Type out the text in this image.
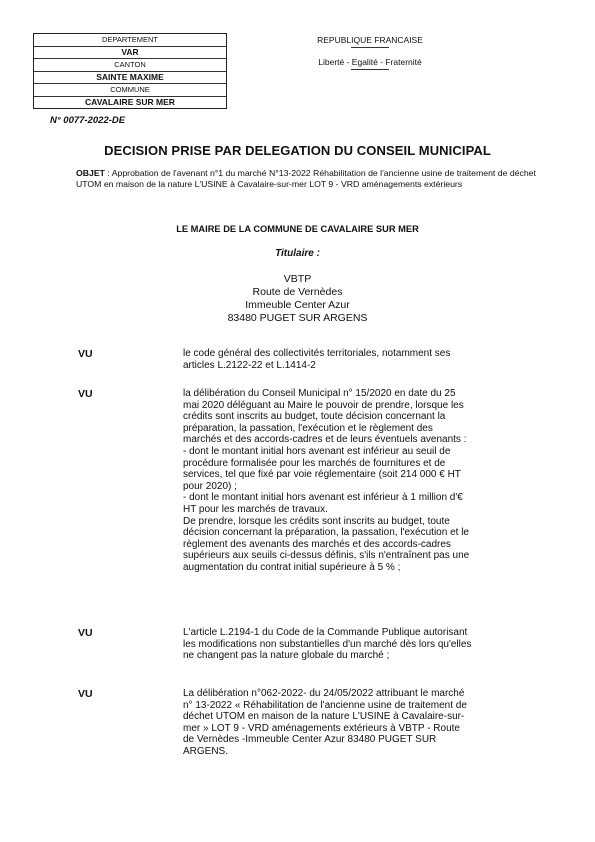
DEPARTEMENT
VAR
CANTON
SAINTE MAXIME
COMMUNE
CAVALAIRE SUR MER
REPUBLIQUE FRANCAISE
Liberté - Egalité - Fraternité
N° 0077-2022-DE
DECISION PRISE PAR DELEGATION DU CONSEIL MUNICIPAL
OBJET : Approbation de l'avenant n°1 du marché N°13-2022 Réhabilitation de l'ancienne usine de traitement de déchet UTOM en maison de la nature L'USINE à Cavalaire-sur-mer LOT 9 - VRD aménagements extérieurs
LE MAIRE DE LA COMMUNE DE CAVALAIRE SUR MER
Titulaire :
VBTP
Route de Vernèdes
Immeuble Center Azur
83480 PUGET SUR ARGENS
VU	le code général des collectivités territoriales, notamment ses
articles L.2122-22 et L.1414-2
VU	la délibération du Conseil Municipal n° 15/2020 en date du 25
mai 2020 déléguant au Maire le pouvoir de prendre, lorsque les
crédits sont inscrits au budget, toute décision concernant la
préparation, la passation, l'exécution et le règlement des
marchés et des accords-cadres et de leurs éventuels avenants :
- dont le montant initial hors avenant est inférieur au seuil de
procédure formalisée pour les marchés de fournitures et de
services, tel que fixé par voie réglementaire (soit 214 000 € HT
pour 2020) ;
- dont le montant initial hors avenant est inférieur à 1 million d'€
HT pour les marchés de travaux.
De prendre, lorsque les crédits sont inscrits au budget, toute
décision concernant la préparation, la passation, l'exécution et le
règlement des avenants des marchés et des accords-cadres
supérieurs aux seuils ci-dessus définis, s'ils n'entraînent pas une
augmentation du contrat initial supérieure à 5 % ;
VU	L'article L.2194-1 du Code de la Commande Publique autorisant
les modifications non substantielles d'un marché dès lors qu'elles
ne changent pas la nature globale du marché ;
VU	La délibération n°062-2022- du 24/05/2022 attribuant le marché
n° 13-2022 « Réhabilitation de l'ancienne usine de traitement de
déchet UTOM en maison de la nature L'USINE à Cavalaire-sur-
mer » LOT 9 - VRD aménagements extérieurs à VBTP - Route
de Vernèdes -Immeuble Center Azur 83480 PUGET SUR
ARGENS.
